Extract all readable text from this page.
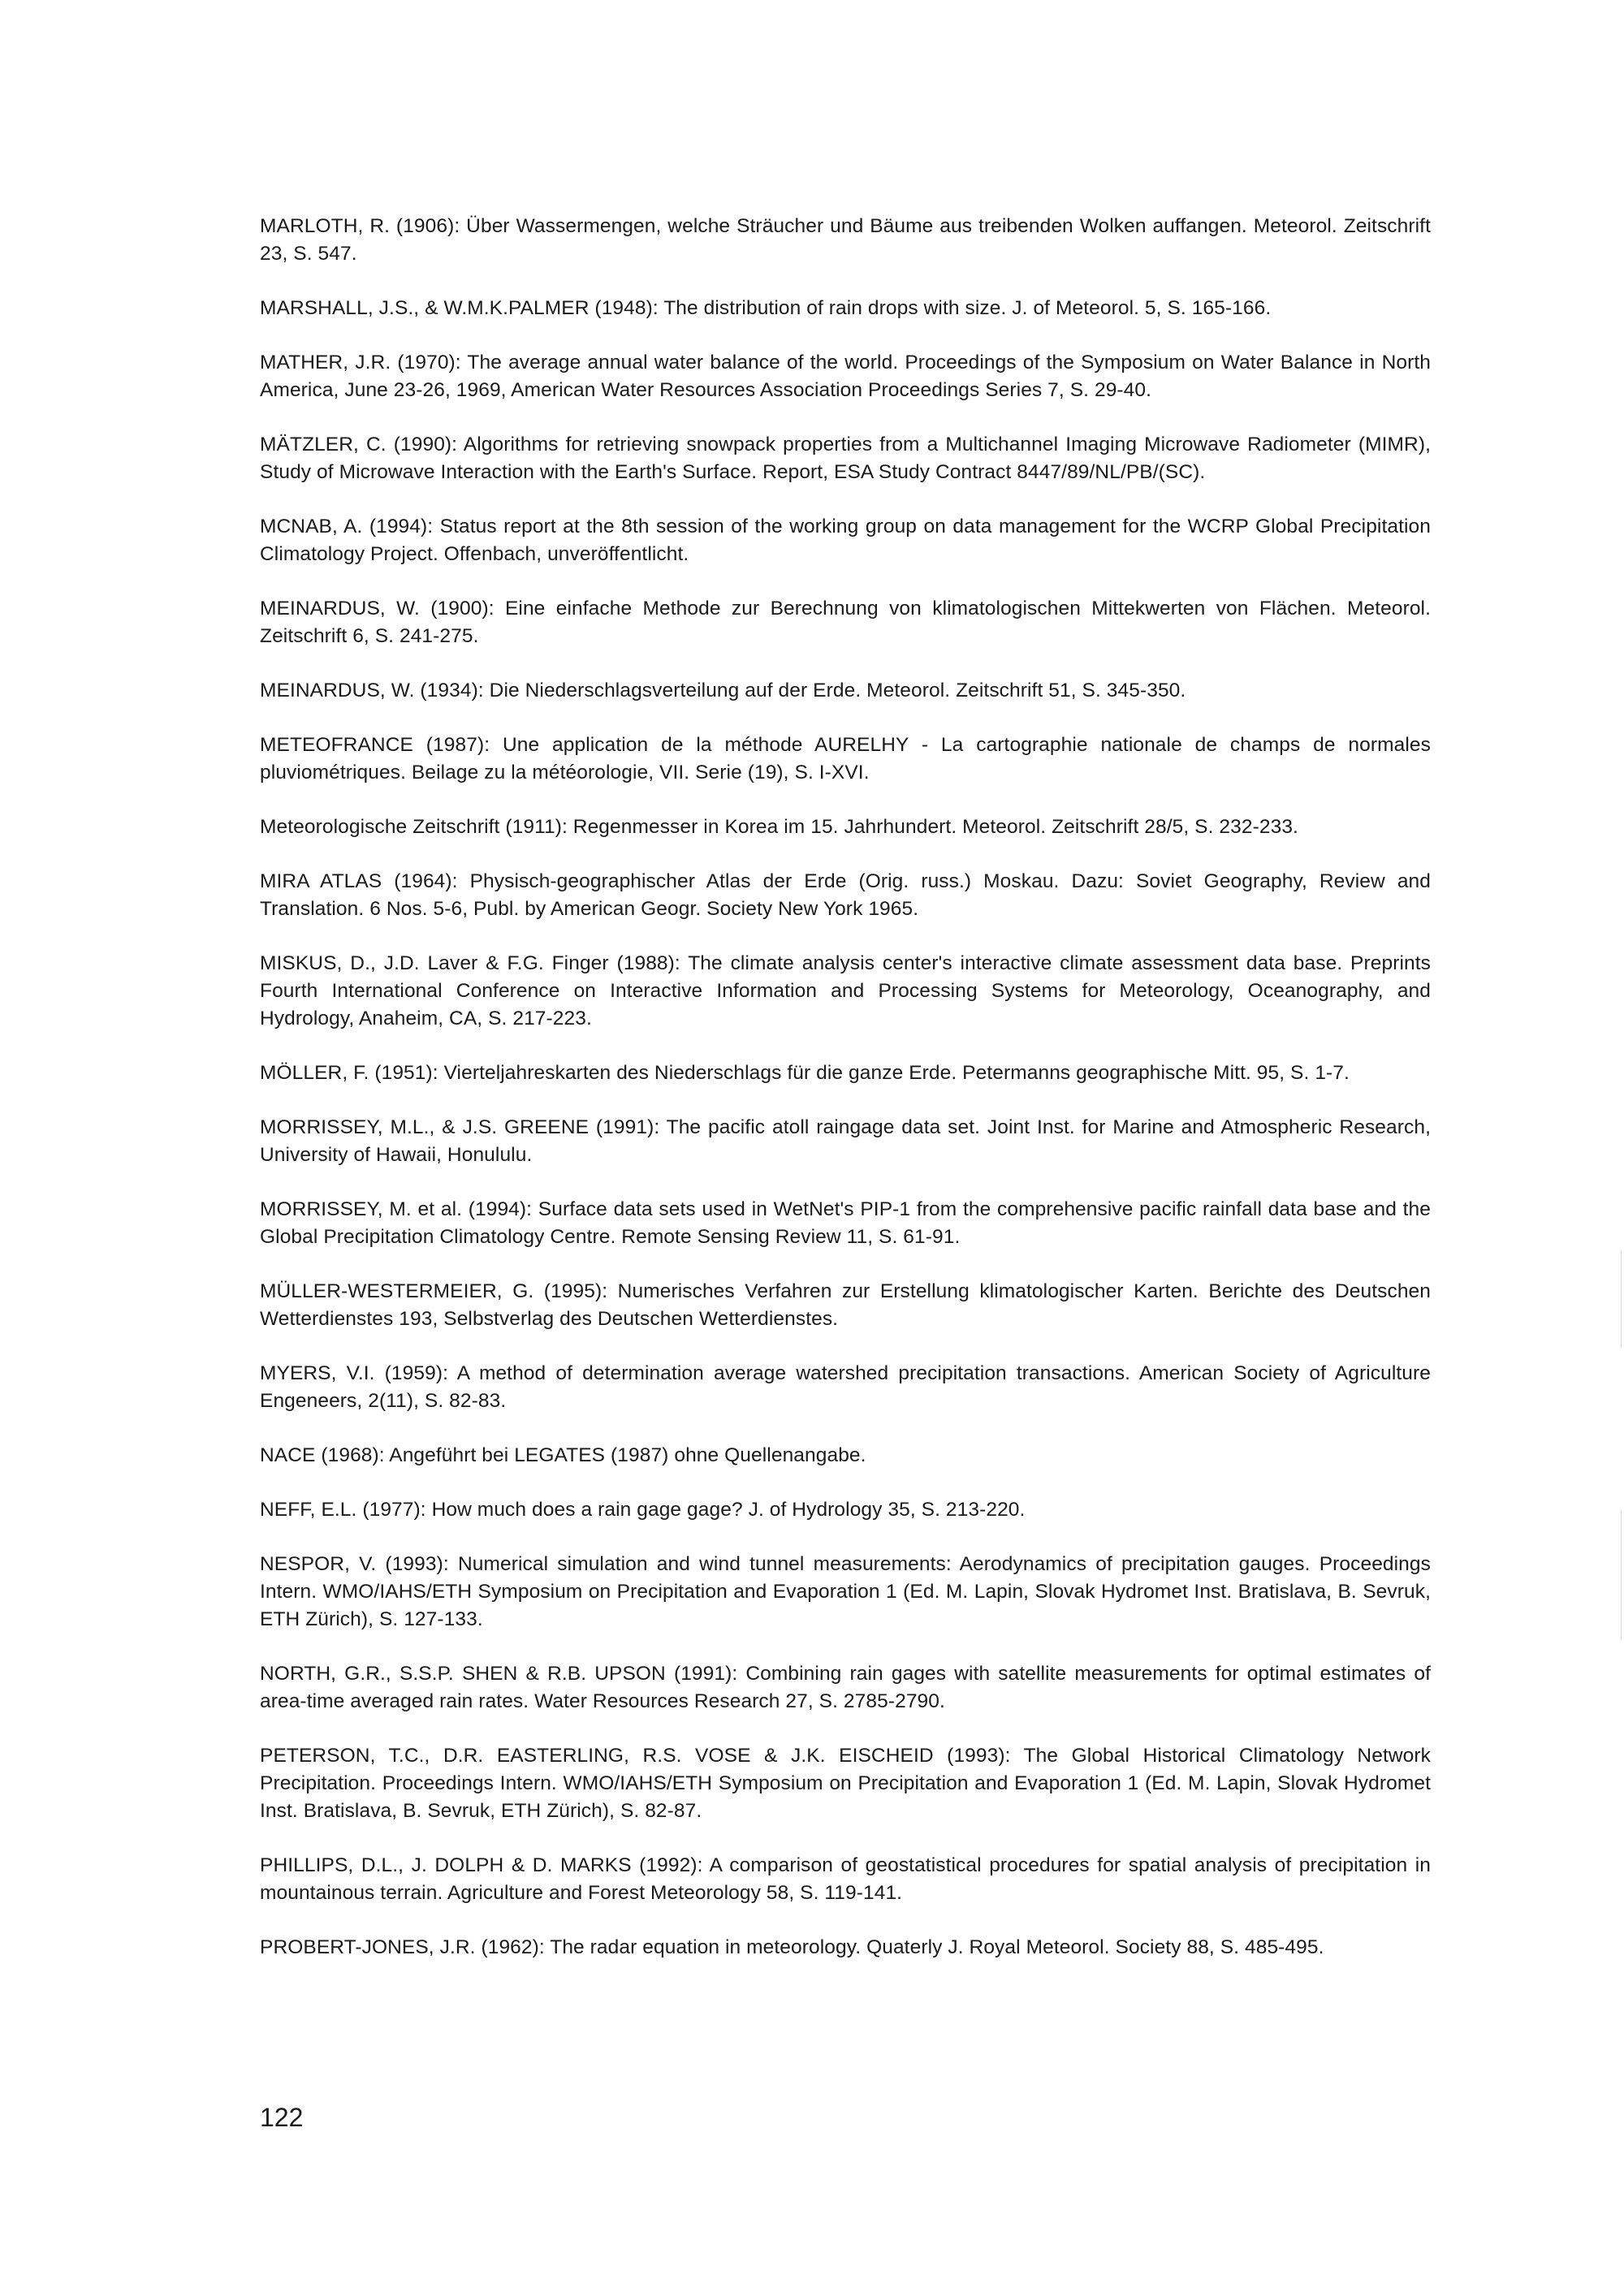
MARLOTH, R. (1906): Über Wassermengen, welche Sträucher und Bäume aus treibenden Wolken auffangen. Meteorol. Zeitschrift 23, S. 547.
MARSHALL, J.S., & W.M.K.PALMER (1948): The distribution of rain drops with size. J. of Meteorol. 5, S. 165-166.
MATHER, J.R. (1970): The average annual water balance of the world. Proceedings of the Symposium on Water Balance in North America, June 23-26, 1969, American Water Resources Association Proceedings Series 7, S. 29-40.
MÄTZLER, C. (1990): Algorithms for retrieving snowpack properties from a Multichannel Imaging Microwave Radiometer (MIMR), Study of Microwave Interaction with the Earth's Surface. Report, ESA Study Contract 8447/89/NL/PB/(SC).
MCNAB, A. (1994): Status report at the 8th session of the working group on data management for the WCRP Global Precipitation Climatology Project. Offenbach, unveröffentlicht.
MEINARDUS, W. (1900): Eine einfache Methode zur Berechnung von klimatologischen Mittekwerten von Flächen. Meteorol. Zeitschrift 6, S. 241-275.
MEINARDUS, W. (1934): Die Niederschlagsverteilung auf der Erde. Meteorol. Zeitschrift 51, S. 345-350.
METEOFRANCE (1987): Une application de la méthode AURELHY - La cartographie nationale de champs de normales pluviométriques. Beilage zu la météorologie, VII. Serie (19), S. I-XVI.
Meteorologische Zeitschrift (1911): Regenmesser in Korea im 15. Jahrhundert. Meteorol. Zeitschrift 28/5, S. 232-233.
MIRA ATLAS (1964): Physisch-geographischer Atlas der Erde (Orig. russ.) Moskau. Dazu: Soviet Geography, Review and Translation. 6 Nos. 5-6, Publ. by American Geogr. Society New York 1965.
MISKUS, D., J.D. Laver & F.G. Finger (1988): The climate analysis center's interactive climate assessment data base. Preprints Fourth International Conference on Interactive Information and Processing Systems for Meteorology, Oceanography, and Hydrology, Anaheim, CA, S. 217-223.
MÖLLER, F. (1951): Vierteljahreskarten des Niederschlags für die ganze Erde. Petermanns geographische Mitt. 95, S. 1-7.
MORRISSEY, M.L., & J.S. GREENE (1991): The pacific atoll raingage data set. Joint Inst. for Marine and Atmospheric Research, University of Hawaii, Honululu.
MORRISSEY, M. et al. (1994): Surface data sets used in WetNet's PIP-1 from the comprehensive pacific rainfall data base and the Global Precipitation Climatology Centre. Remote Sensing Review 11, S. 61-91.
MÜLLER-WESTERMEIER, G. (1995): Numerisches Verfahren zur Erstellung klimatologischer Karten. Berichte des Deutschen Wetterdienstes 193, Selbstverlag des Deutschen Wetterdienstes.
MYERS, V.I. (1959): A method of determination average watershed precipitation transactions. American Society of Agriculture Engeneers, 2(11), S. 82-83.
NACE (1968): Angeführt bei LEGATES (1987) ohne Quellenangabe.
NEFF, E.L. (1977): How much does a rain gage gage? J. of Hydrology 35, S. 213-220.
NESPOR, V. (1993): Numerical simulation and wind tunnel measurements: Aerodynamics of precipitation gauges. Proceedings Intern. WMO/IAHS/ETH Symposium on Precipitation and Evaporation 1 (Ed. M. Lapin, Slovak Hydromet Inst. Bratislava, B. Sevruk, ETH Zürich), S. 127-133.
NORTH, G.R., S.S.P. SHEN & R.B. UPSON (1991): Combining rain gages with satellite measurements for optimal estimates of area-time averaged rain rates. Water Resources Research 27, S. 2785-2790.
PETERSON, T.C., D.R. EASTERLING, R.S. VOSE & J.K. EISCHEID (1993): The Global Historical Climatology Network Precipitation. Proceedings Intern. WMO/IAHS/ETH Symposium on Precipitation and Evaporation 1 (Ed. M. Lapin, Slovak Hydromet Inst. Bratislava, B. Sevruk, ETH Zürich), S. 82-87.
PHILLIPS, D.L., J. DOLPH & D. MARKS (1992): A comparison of geostatistical procedures for spatial analysis of precipitation in mountainous terrain. Agriculture and Forest Meteorology 58, S. 119-141.
PROBERT-JONES, J.R. (1962): The radar equation in meteorology. Quaterly J. Royal Meteorol. Society 88, S. 485-495.
122
